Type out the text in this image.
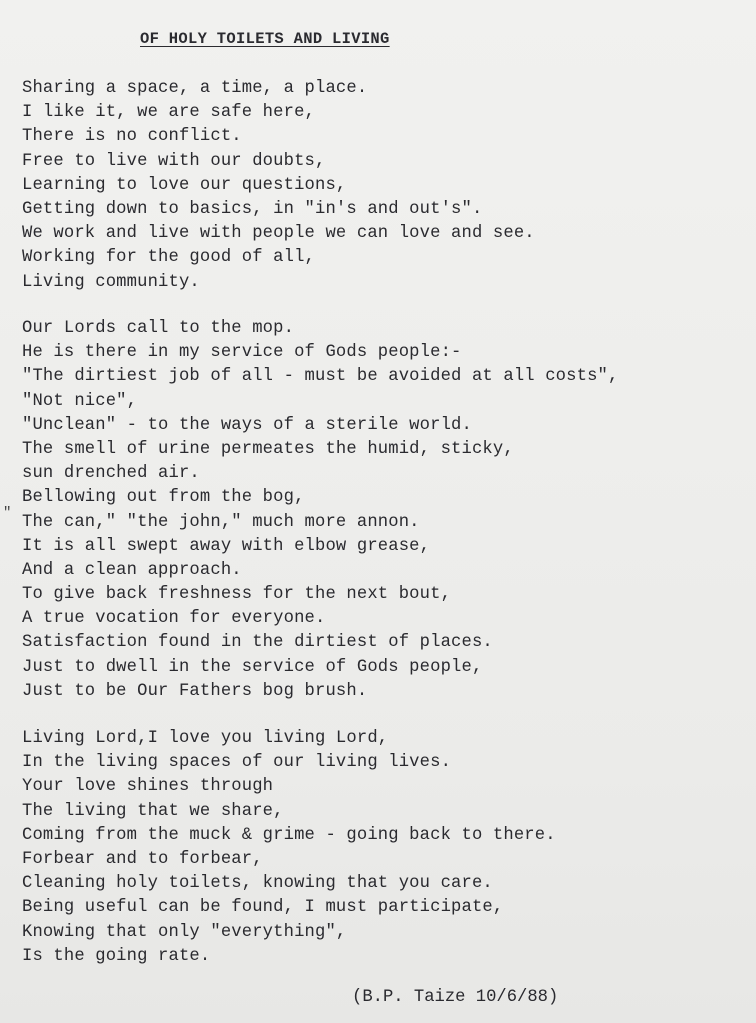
OF HOLY TOILETS AND LIVING
"
Sharing a space, a time, a place.
I like it, we are safe here,
There is no conflict.
Free to live with our doubts,
Learning to love our questions,
Getting down to basics, in "in's and out's".
We work and live with people we can love and see.
Working for the good of all,
Living community.
Our Lords call to the mop.
He is there in my service of Gods people:-
"The dirtiest job of all - must be avoided at all costs",
"Not nice",
"Unclean" - to the ways of a sterile world.
The smell of urine permeates the humid, sticky,
sun drenched air.
Bellowing out from the bog,
The can," "the john," much more annon.
It is all swept away with elbow grease,
And a clean approach.
To give back freshness for the next bout,
A true vocation for everyone.
Satisfaction found in the dirtiest of places.
Just to dwell in the service of Gods people,
Just to be Our Fathers bog brush.
Living Lord,I love you living Lord,
In the living spaces of our living lives.
Your love shines through
The living that we share,
Coming from the muck & grime - going back to there.
Forbear and to forbear,
Cleaning holy toilets, knowing that you care.
Being useful can be found, I must participate,
Knowing that only "everything",
Is the going rate.
(B.P. Taize 10/6/88)
